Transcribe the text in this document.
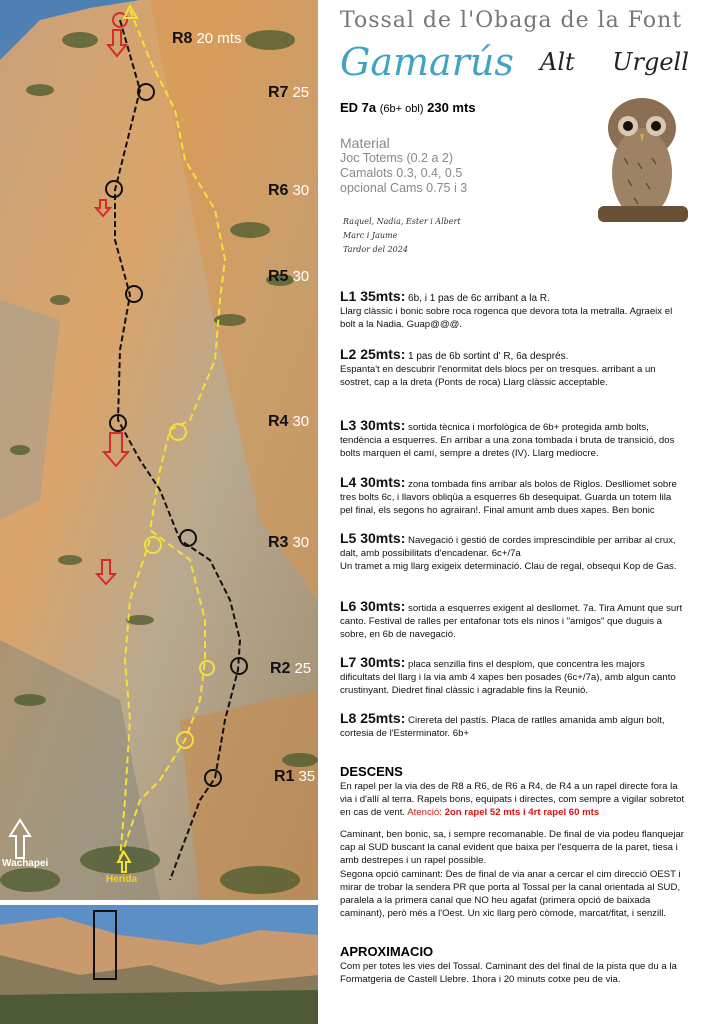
R8 20 mts
R7 25
R6 30
R5 30
R4 30
R3 30
R2 25
R1 35
Wachapei
Herida
Tossal de l'Obaga de la Font
Gamarús Alt Urgell
ED 7a (6b+ obl) 230 mts
Material
Joc Totems (0.2 a 2)
Camalots 0.3, 0.4, 0.5
opcional Cams 0.75 i 3
Raquel, Nadia, Ester i Albert
Marc i Jaume
Tardor del 2024
L1 35mts: 6b, i 1 pas de 6c arribant a la R.
Llarg clàssic i bonic sobre roca rogenca que devora tota la metralla. Agraeix el bolt a la Nadia. Guap@@@.
L2 25mts: 1 pas de 6b sortint d' R, 6a després.
Espanta't en descubrir l'enormitat dels blocs per on tresques. arribant a un sostret, cap a la dreta (Ponts de roca) Llarg clàssic acceptable.
L3 30mts: sortida tècnica i morfològica de 6b+ protegida amb bolts, tendència a esquerres. En arribar a una zona tombada i bruta de transició, dos bolts marquen el camí, sempre a dretes (IV). Llarg mediocre.
L4 30mts: zona tombada fins arribar als bolos de Riglos. Deslliomet sobre tres bolts 6c, i llavors obliqüa a esquerres 6b desequipat. Guarda un totem lila pel final, els segons ho agrairan!. Final amunt amb dues xapes. Ben bonic
L5 30mts: Navegació i gestió de cordes imprescindible per arribar al crux, dalt, amb possibilitats d'encadenar. 6c+/7a
Un tramet a mig llarg exigeix determinació. Clau de regal, obsequi Kop de Gas.
L6 30mts: sortida a esquerres exigent al desllomet. 7a. Tira Amunt que surt canto. Festival de ralles per entafonar tots els ninos i "amigos" que duguis a sobre, en 6b de navegació.
L7 30mts: placa senzilla fins el desplom, que concentra les majors dificultats del llarg i la via amb 4 xapes ben posades (6c+/7a), amb algun canto crustinyant. Diedret final clàssic i agradable fins la Reunió.
L8 25mts: Cirereta del pastís. Placa de ratlles amanida amb algun bolt, cortesia de l'Esterminator. 6b+
DESCENS
En rapel per la via des de R8 a R6, de R6 a R4, de R4 a un rapel directe fora la via i d'allí al terra. Rapels bons, equipats i directes, com sempre a vigilar sobretot en cas de vent. Atenció: 2on rapel 52 mts i 4rt rapel 60 mts
Caminant, ben bonic, sa, i sempre recomanable. De final de via podeu flanquejar cap al SUD buscant la canal evident que baixa per l'esquerra de la paret, tiesa i amb destrepes i un rapel possible.
Segona opció caminant: Des de final de via anar a cercar el cim direcció OEST i mirar de trobar la sendera PR que porta al Tossal per la canal orientada al SUD, paralela a la primera canal que NO heu agafat (primera opció de baixada caminant), però més a l'Oest. Un xic llarg però còmode, marcat/fitat, i senzill.
APROXIMACIO
Com per totes les vies del Tossal. Caminant des del final de la pista que du a la Formatgeria de Castell Llebre. 1hora i 20 minuts cotxe peu de via.
